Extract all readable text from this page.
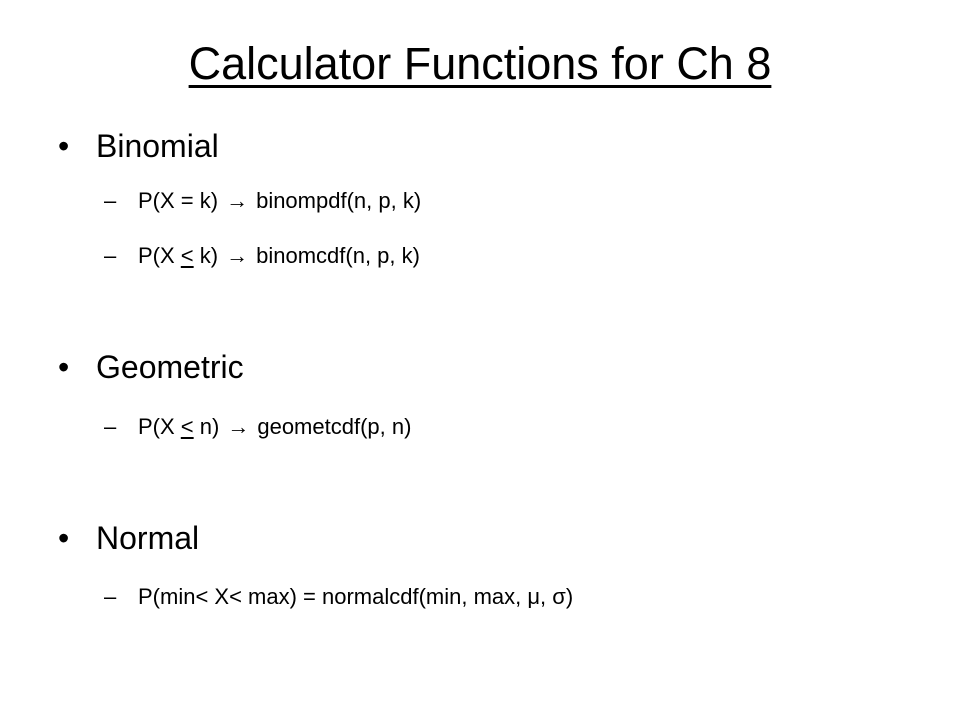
Calculator Functions for Ch 8
• Binomial
– P(X = k) → binompdf(n, p, k)
– P(X ≤ k) → binomcdf(n, p, k)
• Geometric
– P(X ≤ n) → geometcdf(p, n)
• Normal
– P(min< X< max) = normalcdf(min, max, μ, σ)
